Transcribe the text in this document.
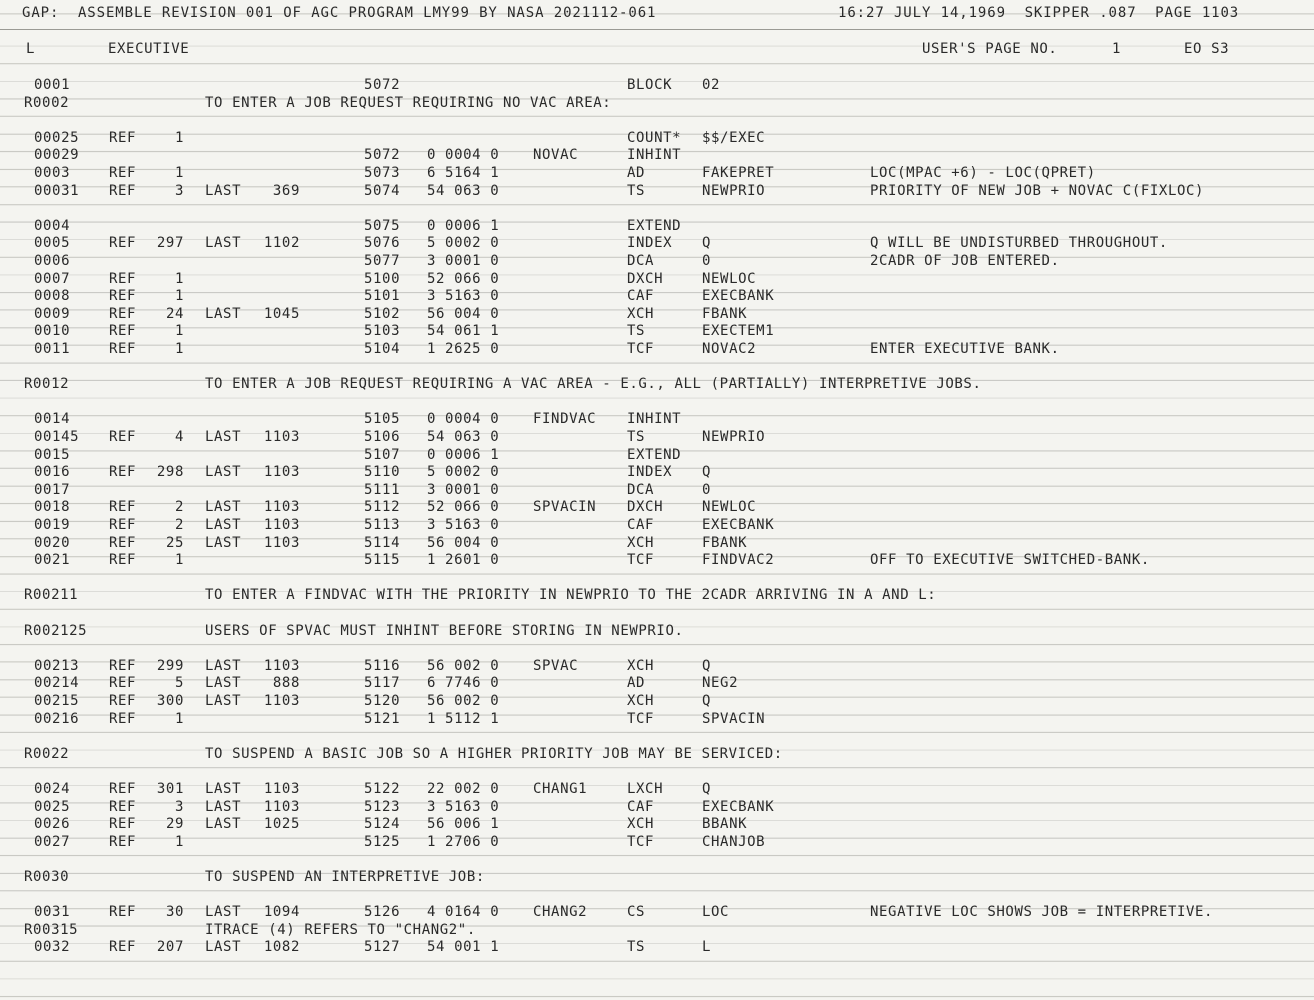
GAP:  ASSEMBLE REVISION 001 OF AGC PROGRAM LMY99 BY NASA 2021112-061

	16:27 JULY 14,1969  SKIPPER .087  PAGE 1103

L

	EXECUTIVE

	USER'S PAGE NO.

	1

	EO S3

0001	5072	BLOCK 02
R0002	TO ENTER A JOB REQUEST REQUIRING NO VAC AREA:
00025 REF	1	COUNT* $$/EXEC
00029	5072 0 0004 0 NOVAC	INHINT
0003	REF	1	5073 6 5164 1	AD	FAKEPRET	LOC(MPAC +6) - LOC(QPRET)
00031 REF	3 LAST 369	5074 54 063 0	TS	NEWPRIO	PRIORITY OF NEW JOB + NOVAC C(FIXLOC)
0004	5075 0 0006 1	EXTEND
0005	REF 297 LAST 1102	5076 5 0002 0	INDEX Q	Q WILL BE UNDISTURBED THROUGHOUT.
0006	5077 3 0001 0	DCA	0	2CADR OF JOB ENTERED.
0007	REF	1	5100 52 066 0	DXCH	NEWLOC
0008	REF	1	5101 3 5163 0	CAF	EXECBANK
0009	REF 24 LAST 1045	5102 56 004 0	XCH	FBANK
0010	REF	1	5103 54 061 1	TS	EXECTEM1
0011	REF	1	5104 1 2625 0	TCF	NOVAC2	ENTER EXECUTIVE BANK.
R0012	TO ENTER A JOB REQUEST REQUIRING A VAC AREA - E.G., ALL (PARTIALLY) INTERPRETIVE JOBS.
0014	5105 0 0004 0 FINDVAC INHINT
00145 REF	4 LAST 1103	5106 54 063 0	TS	NEWPRIO
0015	5107 0 0006 1	EXTEND
0016	REF 298 LAST 1103	5110 5 0002 0	INDEX Q
0017	5111 3 0001 0	DCA	0
0018	REF	2 LAST 1103	5112 52 066 0 SPVACIN DXCH	NEWLOC
0019	REF	2 LAST 1103	5113 3 5163 0	CAF	EXECBANK
0020	REF 25 LAST 1103	5114 56 004 0	XCH	FBANK
0021	REF	1	5115 1 2601 0	TCF	FINDVAC2	OFF TO EXECUTIVE SWITCHED-BANK.
R00211	TO ENTER A FINDVAC WITH THE PRIORITY IN NEWPRIO TO THE 2CADR ARRIVING IN A AND L:
R002125	USERS OF SPVAC MUST INHINT BEFORE STORING IN NEWPRIO.
00213 REF 299 LAST 1103	5116 56 002 0 SPVAC	XCH	Q
00214 REF	5 LAST 888	5117 6 7746 0	AD	NEG2
00215 REF 300 LAST 1103	5120 56 002 0	XCH	Q
00216 REF	1	5121 1 5112 1	TCF	SPVACIN
R0022	TO SUSPEND A BASIC JOB SO A HIGHER PRIORITY JOB MAY BE SERVICED:
0024	REF 301 LAST 1103	5122 22 002 0 CHANG1	LXCH	Q
0025	REF	3 LAST 1103	5123 3 5163 0	CAF	EXECBANK
0026	REF 29 LAST 1025	5124 56 006 1	XCH	BBANK
0027	REF	1	5125 1 2706 0	TCF	CHANJOB
R0030	TO SUSPEND AN INTERPRETIVE JOB:
0031	REF 30 LAST 1094	5126 4 0164 0 CHANG2	CS	LOC	NEGATIVE LOC SHOWS JOB = INTERPRETIVE.
R00315	ITRACE (4) REFERS TO "CHANG2".
0032	REF 207 LAST 1082	5127 54 001 1	TS	L
